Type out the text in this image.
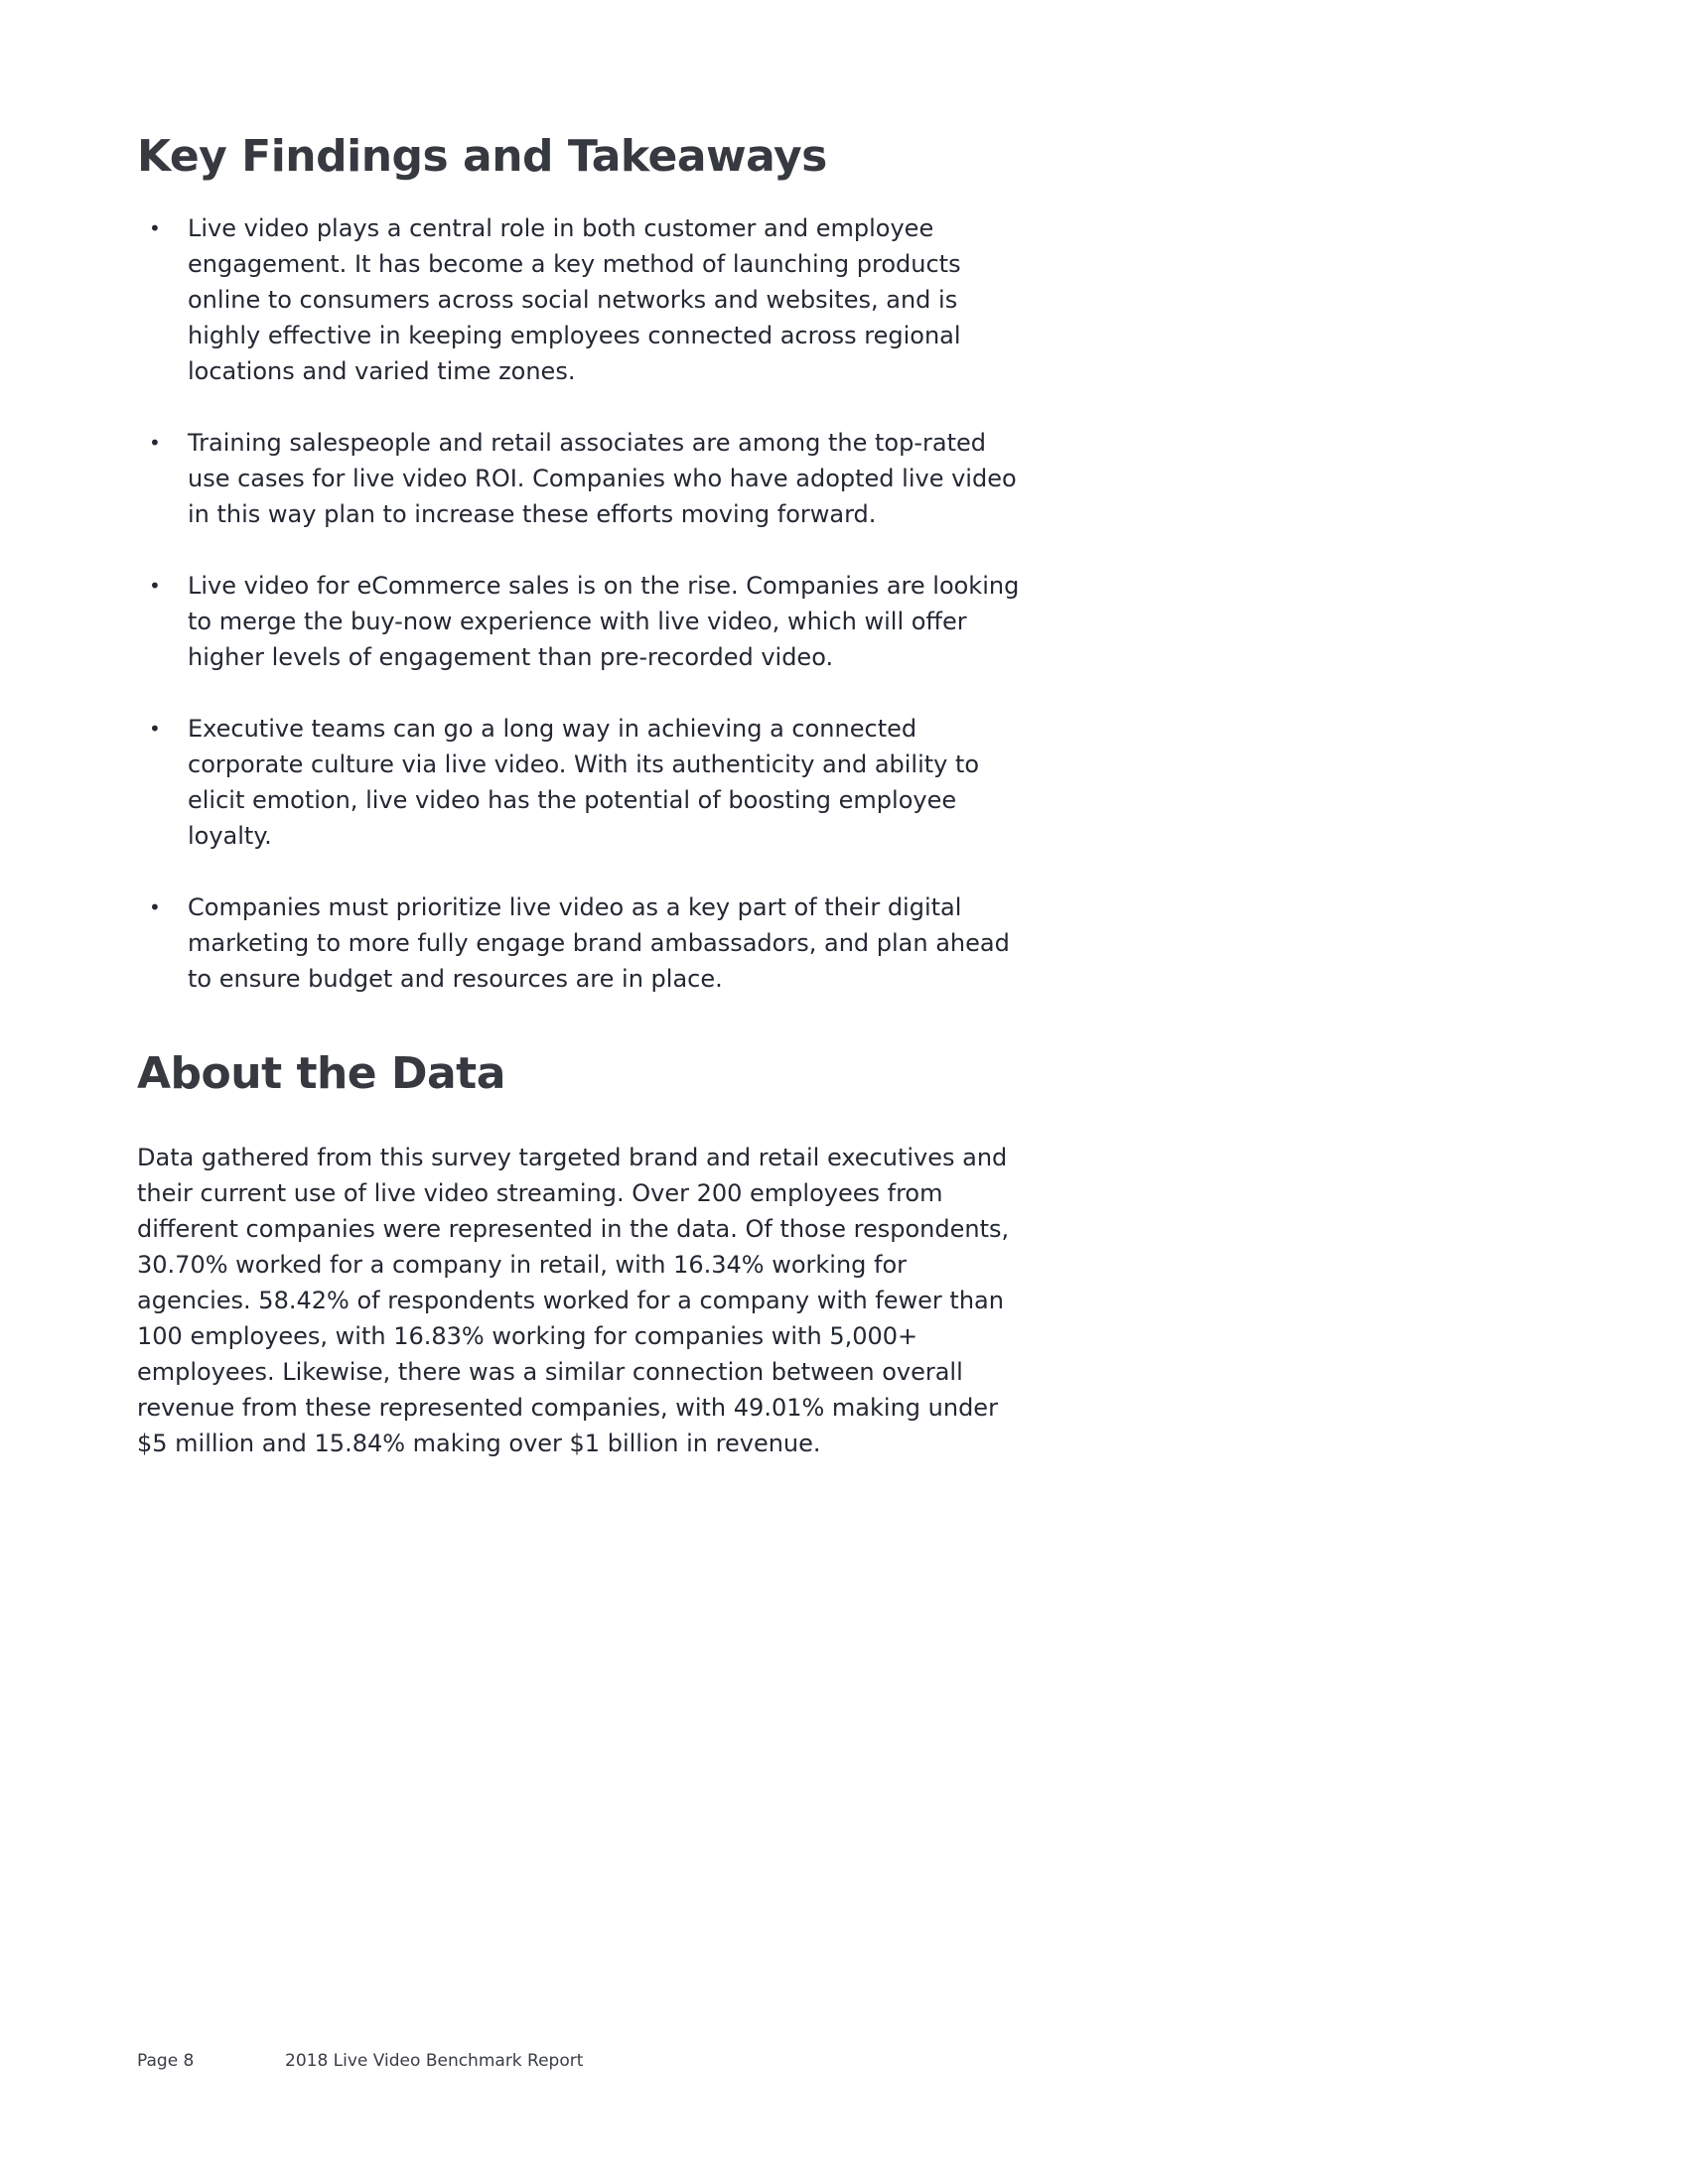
Key Findings and Takeaways
• Live video plays a central role in both customer and employee engagement. It has become a key method of launching products online to consumers across social networks and websites, and is highly effective in keeping employees connected across regional locations and varied time zones.
• Training salespeople and retail associates are among the top-rated use cases for live video ROI. Companies who have adopted live video in this way plan to increase these efforts moving forward.
• Live video for eCommerce sales is on the rise. Companies are looking to merge the buy-now experience with live video, which will offer higher levels of engagement than pre-recorded video.
• Executive teams can go a long way in achieving a connected corporate culture via live video. With its authenticity and ability to elicit emotion, live video has the potential of boosting employee loyalty.
• Companies must prioritize live video as a key part of their digital marketing to more fully engage brand ambassadors, and plan ahead to ensure budget and resources are in place.
About the Data

Data gathered from this survey targeted brand and retail executives and their current use of live video streaming. Over 200 employees from different companies were represented in the data. Of those respondents, 30.70% worked for a company in retail, with 16.34% working for agencies. 58.42% of respondents worked for a company with fewer than 100 employees, with 16.83% working for companies with 5,000+ employees. Likewise, there was a similar connection between overall revenue from these represented companies, with 49.01% making under $5 million and 15.84% making over $1 billion in revenue.

Page 8	2018 Live Video Benchmark Report
